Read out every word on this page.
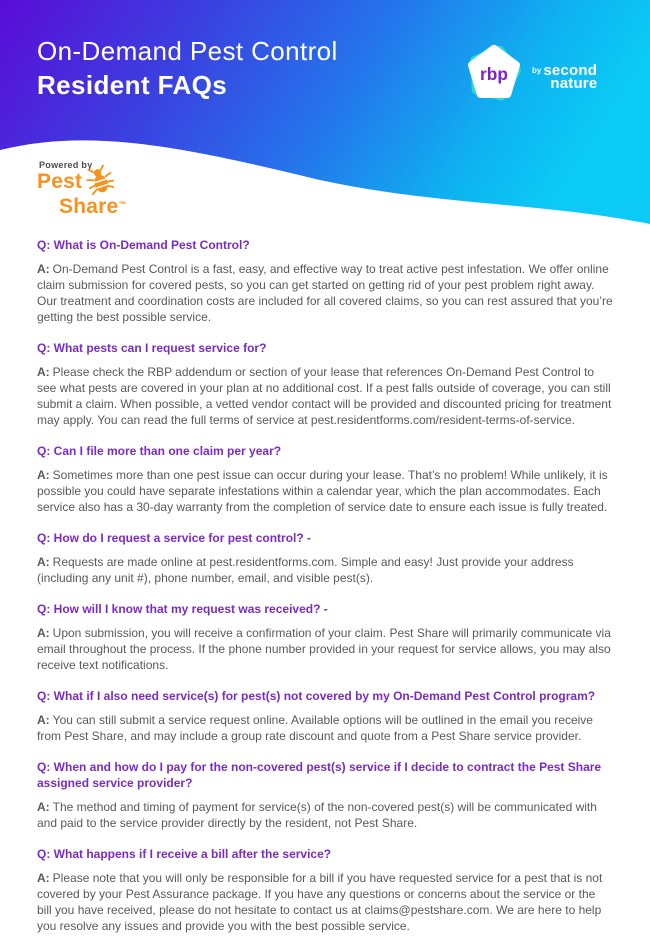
On-Demand Pest Control
Resident FAQs	rbp	by second
nature

Powered by

Pest
Share™

Q: What is On-Demand Pest Control?

A: On-Demand Pest Control is a fast, easy, and effective way to treat active pest infestation. We offer online claim submission for covered pests, so you can get started on getting rid of your pest problem right away. Our treatment and coordination costs are included for all covered claims, so you can rest assured that you’re getting the best possible service.

Q: What pests can I request service for?

A: Please check the RBP addendum or section of your lease that references On-Demand Pest Control to see what pests are covered in your plan at no additional cost. If a pest falls outside of coverage, you can still submit a claim. When possible, a vetted vendor contact will be provided and discounted pricing for treatment may apply. You can read the full terms of service at pest.residentforms.com/resident-terms-of-service.

Q: Can I file more than one claim per year?

A: Sometimes more than one pest issue can occur during your lease. That’s no problem! While unlikely, it is possible you could have separate infestations within a calendar year, which the plan accommodates. Each service also has a 30-day warranty from the completion of service date to ensure each issue is fully treated.

Q: How do I request a service for pest control? -

A: Requests are made online at pest.residentforms.com. Simple and easy! Just provide your address (including any unit #), phone number, email, and visible pest(s).

Q: How will I know that my request was received? -

A: Upon submission, you will receive a confirmation of your claim. Pest Share will primarily communicate via email throughout the process. If the phone number provided in your request for service allows, you may also receive text notifications.

Q: What if I also need service(s) for pest(s) not covered by my On-Demand Pest Control program?

A: You can still submit a service request online. Available options will be outlined in the email you receive from Pest Share, and may include a group rate discount and quote from a Pest Share service provider.

Q: When and how do I pay for the non-covered pest(s) service if I decide to contract the Pest Share assigned service provider?

A: The method and timing of payment for service(s) of the non-covered pest(s) will be communicated with and paid to the service provider directly by the resident, not Pest Share.

Q: What happens if I receive a bill after the service?

A: Please note that you will only be responsible for a bill if you have requested service for a pest that is not covered by your Pest Assurance package. If you have any questions or concerns about the service or the bill you have received, please do not hesitate to contact us at claims@pestshare.com. We are here to help you resolve any issues and provide you with the best possible service.
